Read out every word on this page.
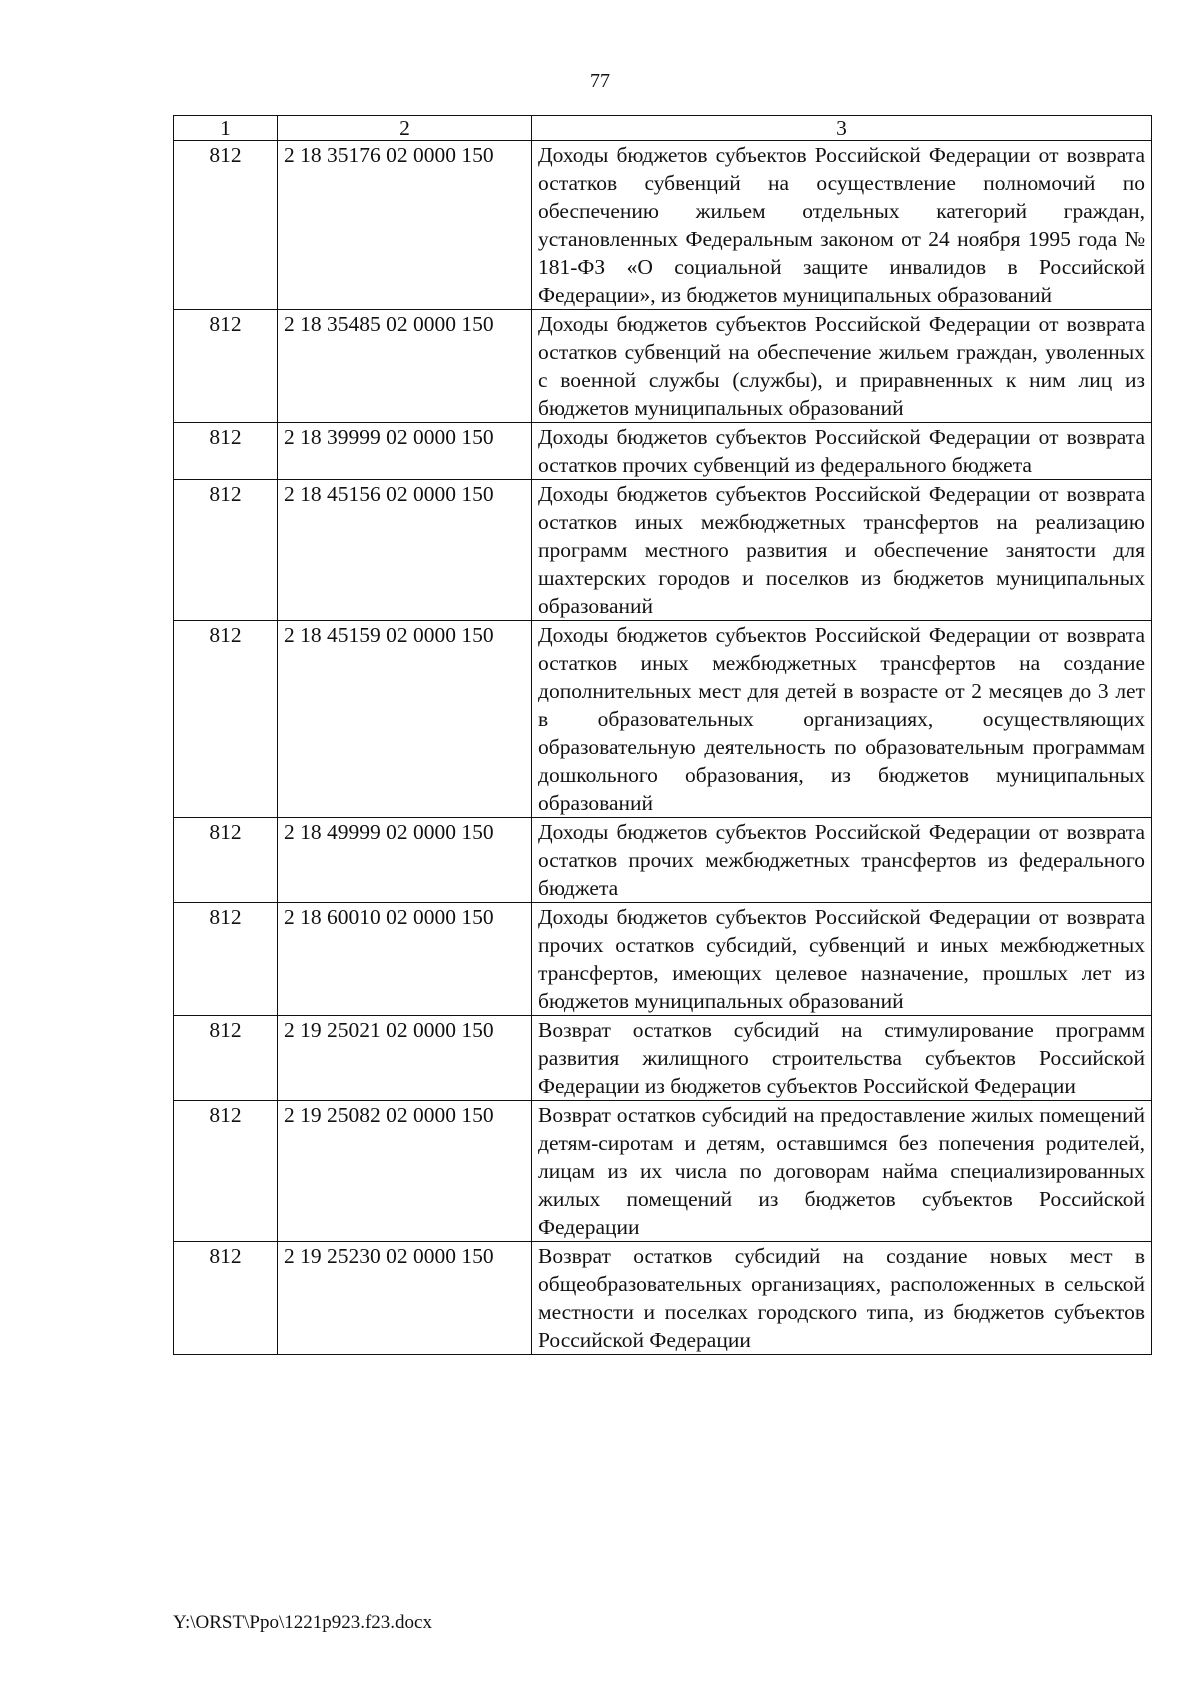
77
1	2	3
812	2 18 35176 02 0000 150	Доходы бюджетов субъектов Российской Федерации от возврата остатков субвенций на осуществление полномочий по обеспечению жильем отдельных категорий граждан, установленных Федеральным законом от 24 ноября 1995 года № 181-ФЗ «О социальной защите инвалидов в Российской Федерации», из бюджетов муниципальных образований
812	2 18 35485 02 0000 150	Доходы бюджетов субъектов Российской Федерации от возврата остатков субвенций на обеспечение жильем граждан, уволенных с военной службы (службы), и приравненных к ним лиц из бюджетов муниципальных образований
812	2 18 39999 02 0000 150	Доходы бюджетов субъектов Российской Федерации от возврата остатков прочих субвенций из федерального бюджета
812	2 18 45156 02 0000 150	Доходы бюджетов субъектов Российской Федерации от возврата остатков иных межбюджетных трансфертов на реализацию программ местного развития и обеспечение занятости для шахтерских городов и поселков из бюджетов муниципальных образований
812	2 18 45159 02 0000 150	Доходы бюджетов субъектов Российской Федерации от возврата остатков иных межбюджетных трансфертов на создание дополнительных мест для детей в возрасте от 2 месяцев до 3 лет в образовательных организациях, осуществляющих образовательную деятельность по образовательным программам дошкольного образования, из бюджетов муниципальных образований
812	2 18 49999 02 0000 150	Доходы бюджетов субъектов Российской Федерации от возврата остатков прочих межбюджетных трансфертов из федерального бюджета
812	2 18 60010 02 0000 150	Доходы бюджетов субъектов Российской Федерации от возврата прочих остатков субсидий, субвенций и иных межбюджетных трансфертов, имеющих целевое назначение, прошлых лет из бюджетов муниципальных образований
812	2 19 25021 02 0000 150	Возврат остатков субсидий на стимулирование программ развития жилищного строительства субъектов Российской Федерации из бюджетов субъектов Российской Федерации
812	2 19 25082 02 0000 150	Возврат остатков субсидий на предоставление жилых помещений детям-сиротам и детям, оставшимся без попечения родителей, лицам из их числа по договорам найма специализированных жилых помещений из бюджетов субъектов Российской Федерации
812	2 19 25230 02 0000 150	Возврат остатков субсидий на создание новых мест в общеобразовательных организациях, расположенных в сельской местности и поселках городского типа, из бюджетов субъектов Российской Федерации
Y:\ORST\Ppo\1221p923.f23.docx
